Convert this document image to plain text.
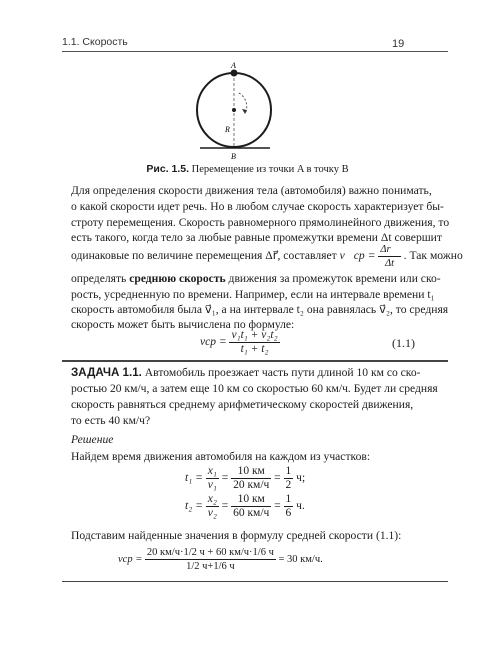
1.1. Скорость	19
A
R
B
Рис. 1.5. Перемещение из точки A в точку B
Для определения скорости движения тела (автомобиля) важно понимать,
о какой скорости идет речь. Но в любом случае скорость характеризует бы-
строту перемещения. Скорость равномерного прямолинейного движения, то
есть такого, когда тело за любые равные промежутки времени Δt совершит
одинаковые по величине перемещения Δr⃗, составляет v⃗ср = $\frac{\Delta r⃗}{\Delta t}$ . Так можно
определять среднюю скорость движения за промежуток времени или ско-
рость, усредненную по времени. Например, если на интервале времени t₁
скорость автомобиля была v⃗₁, а на интервале t₂ она равнялась v⃗₂, то средняя
скорость может быть вычислена по формуле:
vср = $\frac{\text{v₁t₁ + v₂t₂}}{\text{t₁ + t₂}}$	(1.1)
ЗАДАЧА 1.1. Автомобиль проезжает часть пути длиной 10 км со ско-
ростью 20 км/ч, а затем еще 10 км со скоростью 60 км/ч. Будет ли средняя
скорость равняться среднему арифметическому скоростей движения,
то есть 40 км/ч?
Решение
Найдем время движения автомобиля на каждом из участков:
$t_1 = \frac{\text{x₁}}{\text{v₁}} = \frac{10 км}{20 км/ч} = \frac{1}{2} ч$;
$t_2 = \frac{\text{x₂}}{\text{v₂}} = \frac{10 км}{60 км/ч} = \frac{1}{6} ч$.
Подставим найденные значения в формулу средней скорости (1.1):
vср = $\frac{20 км/ч\cdot 1/2 ч + 60 км/ч\cdot 1/6 ч}{1/2 ч+1/6 ч} = 30$ км/ч.
